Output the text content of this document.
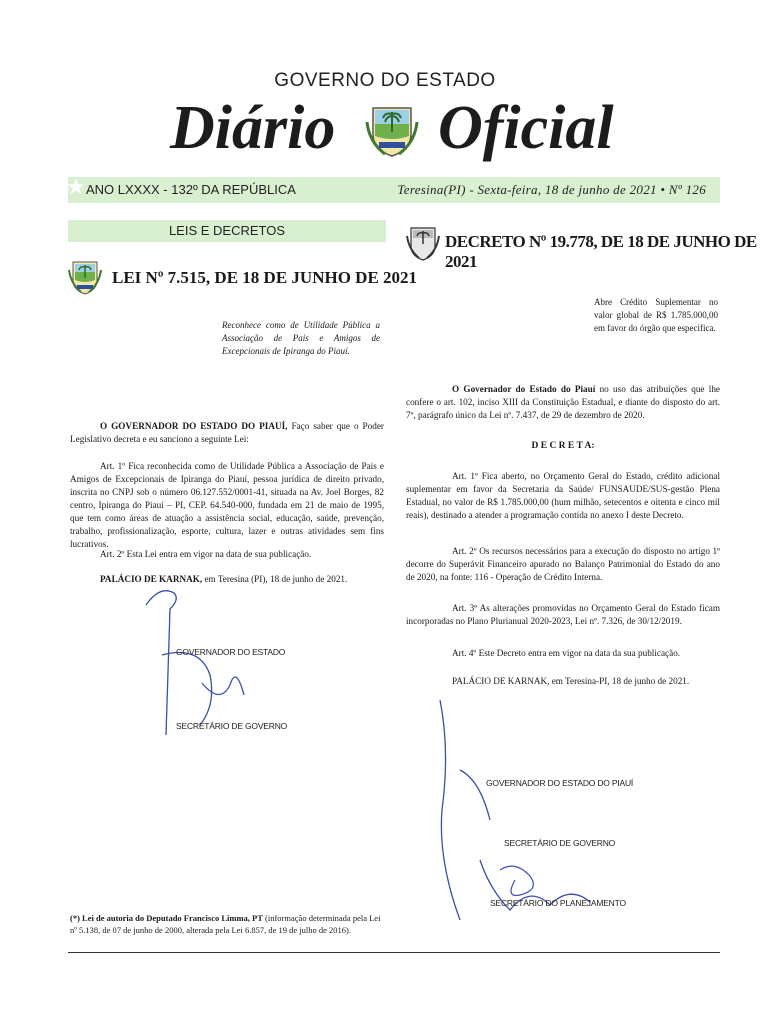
GOVERNO DO ESTADO
Diário Oficial
★ ANO LXXXX - 132º DA REPÚBLICA	Teresina(PI) - Sexta-feira, 18 de junho de 2021 • Nº 126
LEIS E DECRETOS
LEI Nº 7.515, DE 18 DE JUNHO DE 2021
Reconhece como de Utilidade Pública a Associação de Pais e Amigos de Excepcionais de Ipiranga do Piauí.

O GOVERNADOR DO ESTADO DO PIAUÍ, Faço saber que o Poder Legislativo decreta e eu sanciono a seguinte Lei:

Art. 1º Fica reconhecida como de Utilidade Pública a Associação de Pais e Amigos de Excepcionais de Ipiranga do Piauí, pessoa jurídica de direito privado, inscrita no CNPJ sob o número 06.127.552/0001-41, situada na Av. Joel Borges, 82 centro, Ipiranga do Piauí – PI, CEP. 64.540-000, fundada em 21 de maio de 1995, que tem como áreas de atuação a assistência social, educação, saúde, prevenção, trabalho, profissionalização, esporte, cultura, lazer e outras atividades sem fins lucrativos.

Art. 2º Esta Lei entra em vigor na data de sua publicação.

PALÁCIO DE KARNAK, em Teresina (PI), 18 de junho de 2021.

GOVERNADOR DO ESTADO
SECRETÁRIO DE GOVERNO
(*) Lei de autoria do Deputado Francisco Limma, PT (informação determinada pela Lei nº 5.138, de 07 de junho de 2000, alterada pela Lei 6.857, de 19 de julho de 2016).
DECRETO Nº 19.778, DE 18 DE JUNHO DE 2021
Abre Crédito Suplementar no valor global de R$ 1.785.000,00 em favor do órgão que especifica.

O Governador do Estado do Piauí no uso das atribuições que lhe confere o art. 102, inciso XIII da Constituição Estadual, e diante do disposto do art. 7º, parágrafo único da Lei nº. 7.437, de 29 de dezembro de 2020.

D E C R E T A:

Art. 1º Fica aberto, no Orçamento Geral do Estado, crédito adicional suplementar em favor da Secretaria da Saúde/ FUNSAUDE/SUS-gestão Plena Estadual, no valor de R$ 1.785.000,00 (hum milhão, setecentos e oitenta e cinco mil reais), destinado a atender a programação contida no anexo I deste Decreto.

Art. 2º Os recursos necessários para a execução do disposto no artigo 1º decorre do Superávit Financeiro apurado no Balanço Patrimonial do Estado do ano de 2020, na fonte: 116 - Operação de Crédito Interna.

Art. 3º As alterações promovidas no Orçamento Geral do Estado ficam incorporadas no Plano Plurianual 2020-2023, Lei nº. 7.326, de 30/12/2019.

Art. 4º Este Decreto entra em vigor na data da sua publicação.

PALÁCIO DE KARNAK, em Teresina-PI, 18 de junho de 2021.

GOVERNADOR DO ESTADO DO PIAUÍ
SECRETÁRIO DE GOVERNO
SECRETÁRIO DO PLANEJAMENTO
